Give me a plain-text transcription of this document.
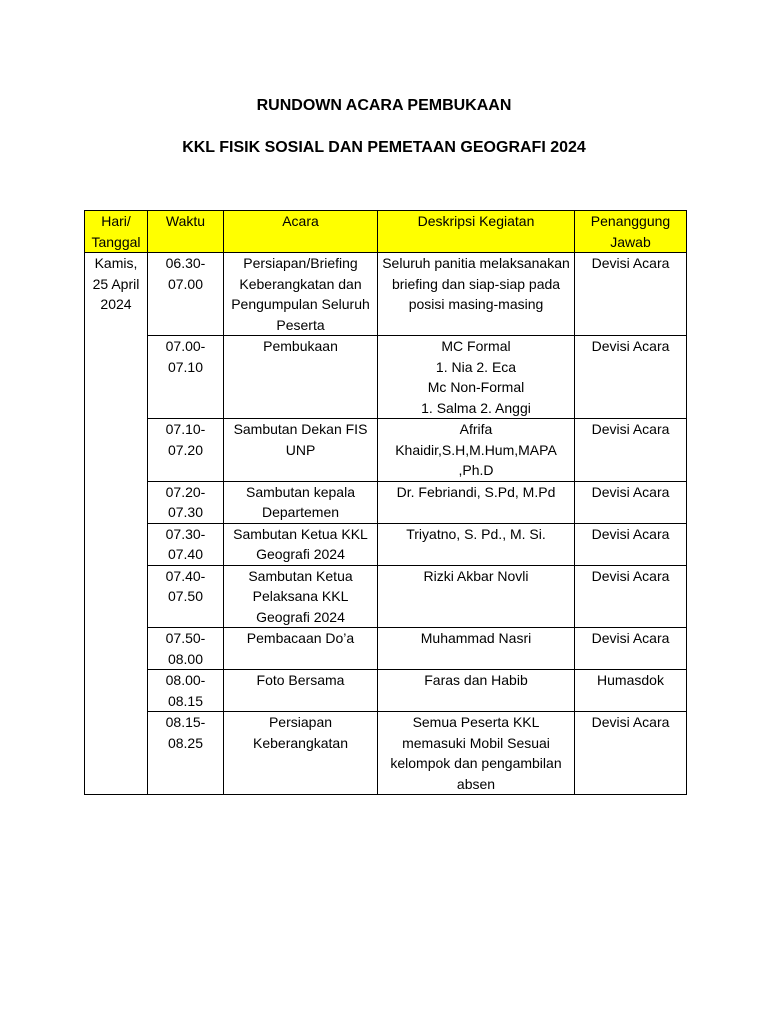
RUNDOWN ACARA PEMBUKAAN
KKL FISIK SOSIAL DAN PEMETAAN GEOGRAFI 2024
Hari/ Tanggal	Waktu	Acara	Deskripsi Kegiatan	Penanggung Jawab
Kamis, 25 April 2024	06.30- 07.00	Persiapan/Briefing Keberangkatan dan Pengumpulan Seluruh Peserta	Seluruh panitia melaksanakan briefing dan siap-siap pada posisi masing-masing	Devisi Acara
	07.00- 07.10	Pembukaan	MC Formal
1. Nia 2. Eca
Mc Non-Formal
1. Salma 2. Anggi	Devisi Acara
	07.10- 07.20	Sambutan Dekan FIS UNP	Afrifa Khaidir,S.H,M.Hum,MAPA ,Ph.D	Devisi Acara
	07.20- 07.30	Sambutan kepala Departemen	Dr. Febriandi, S.Pd, M.Pd	Devisi Acara
	07.30- 07.40	Sambutan Ketua KKL Geografi 2024	Triyatno, S. Pd., M. Si.	Devisi Acara
	07.40- 07.50	Sambutan Ketua Pelaksana KKL Geografi 2024	Rizki Akbar Novli	Devisi Acara
	07.50- 08.00	Pembacaan Do’a	Muhammad Nasri	Devisi Acara
	08.00- 08.15	Foto Bersama	Faras dan Habib	Humasdok
	08.15- 08.25	Persiapan Keberangkatan	Semua Peserta KKL memasuki Mobil Sesuai kelompok dan pengambilan absen	Devisi Acara
